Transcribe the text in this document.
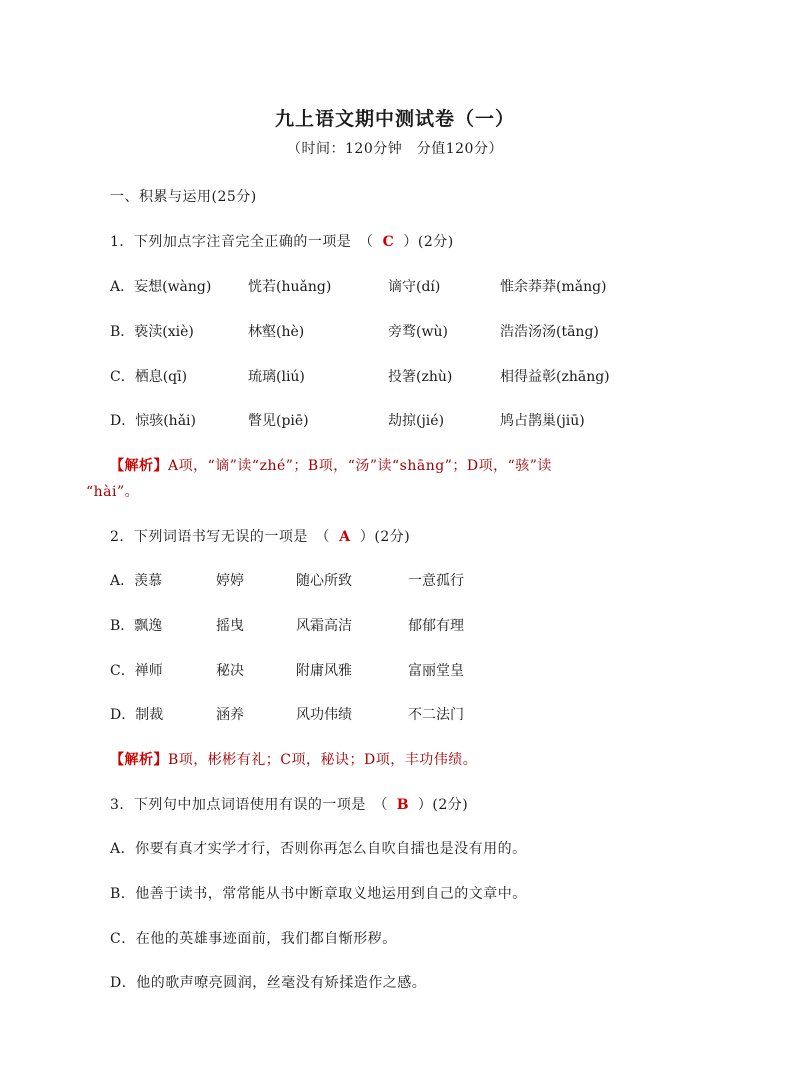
九上语文期中测试卷（一）
（时间：120分钟　分值120分）
一、积累与运用(25分)
1．下列加点字注音完全正确的一项是　（ C ）(2分)
A．妄想(wàng)	恍若(huǎng)	谪守(dí)	惟余莽莽(mǎng)
B．亵渎(xiè)	林壑(hè)	旁骛(wù)	浩浩汤汤(tāng)
C．栖息(qī)	琉璃(liú)	投箸(zhù)	相得益彰(zhāng)
D．惊骇(hǎi)	瞥见(piē)	劫掠(jié)	鸠占鹊巢(jiū)
【解析】A项，“谪”读“zhé”；B项，“汤”读“shāng”；D项，“骇”读
“hài”。
2．下列词语书写无误的一项是　（ A ）(2分)
A．羡慕	婷婷	随心所致	一意孤行
B．飘逸	摇曳	风霜高洁	郁郁有理
C．禅师	秘决	附庸风雅	富丽堂皇
D．制裁	涵养	风功伟绩	不二法门
【解析】B项，彬彬有礼；C项，秘诀；D项，丰功伟绩。
3．下列句中加点词语使用有误的一项是　（ B ）(2分)
A．你要有真才实学才行，否则你再怎么自吹自擂也是没有用的。
B．他善于读书，常常能从书中断章取义地运用到自己的文章中。
C．在他的英雄事迹面前，我们都自惭形秽。
D．他的歌声嘹亮圆润，丝毫没有矫揉造作之感。
